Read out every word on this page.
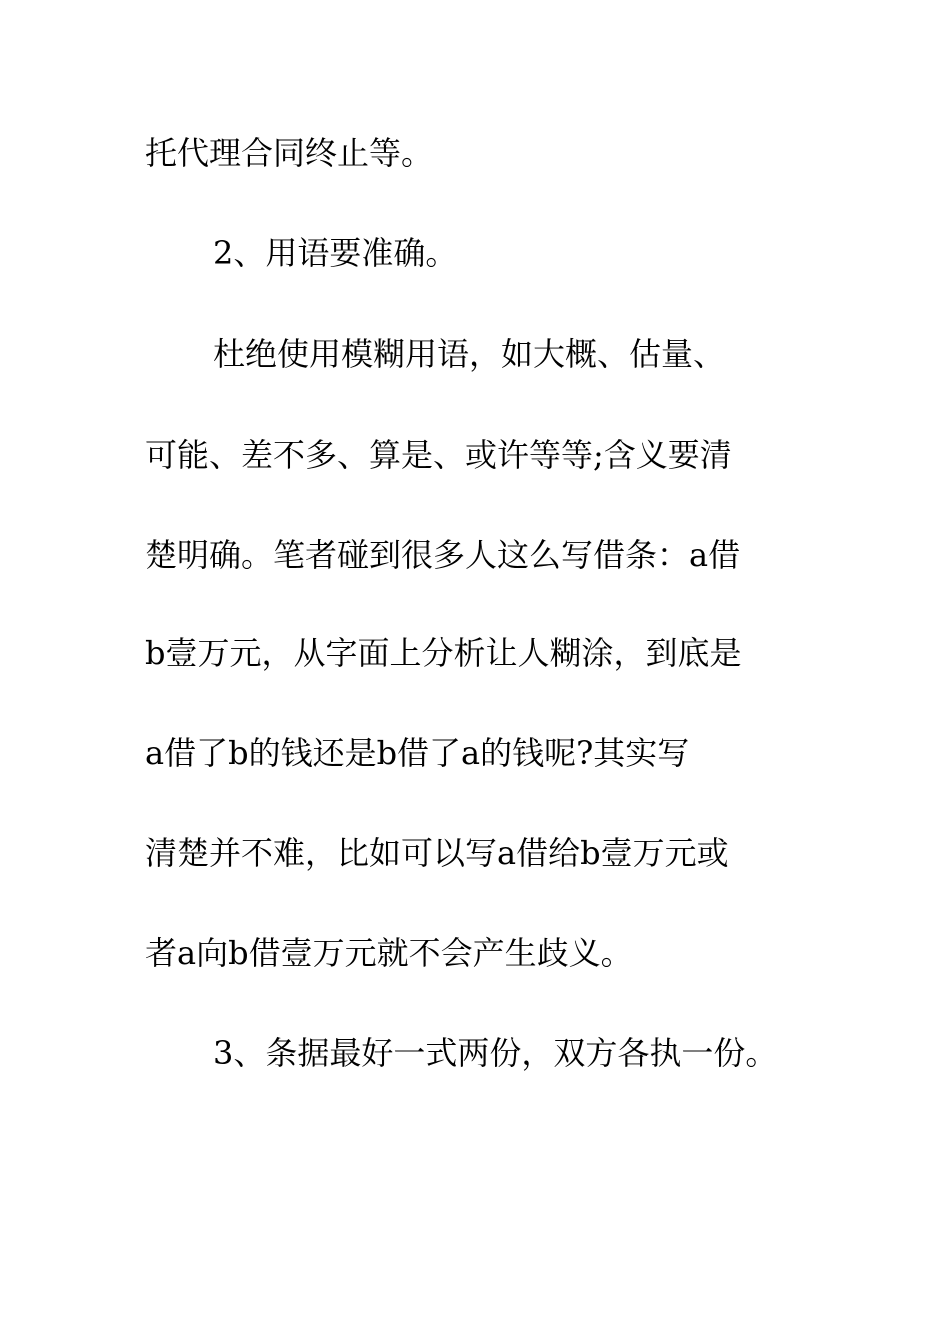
托代理合同终止等。
2、用语要准确。
杜绝使用模糊用语，如大概、估量、
可能、差不多、算是、或许等等;含义要清
楚明确。笔者碰到很多人这么写借条：a借
b壹万元，从字面上分析让人糊涂，到底是
a借了b的钱还是b借了a的钱呢?其实写
清楚并不难，比如可以写a借给b壹万元或
者a向b借壹万元就不会产生歧义。
3、条据最好一式两份，双方各执一份。
